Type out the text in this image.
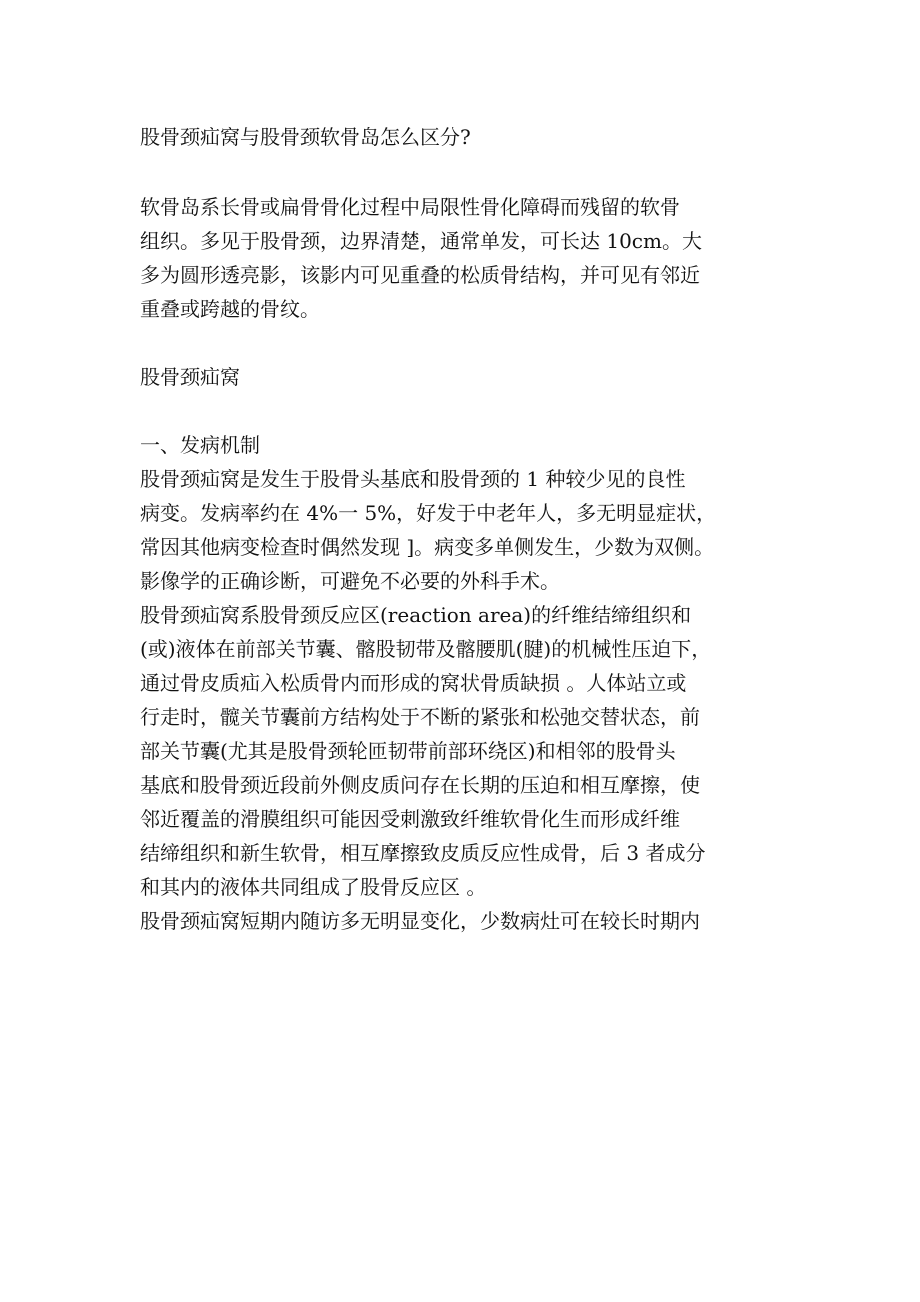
股骨颈疝窝与股骨颈软骨岛怎么区分?

软骨岛系长骨或扁骨骨化过程中局限性骨化障碍而残留的软骨
组织。多见于股骨颈，边界清楚，通常单发，可长达 10cm。大
多为圆形透亮影，该影内可见重叠的松质骨结构，并可见有邻近
重叠或跨越的骨纹。

股骨颈疝窝

一、发病机制

股骨颈疝窝是发生于股骨头基底和股骨颈的 1 种较少见的良性
病变。发病率约在 4%一 5%，好发于中老年人，多无明显症状，
常因其他病变检查时偶然发现 ]。病变多单侧发生，少数为双侧。
影像学的正确诊断，可避免不必要的外科手术。

股骨颈疝窝系股骨颈反应区(reaction area)的纤维结缔组织和
(或)液体在前部关节囊、髂股韧带及髂腰肌(腱)的机械性压迫下，
通过骨皮质疝入松质骨内而形成的窝状骨质缺损 。人体站立或
行走时，髋关节囊前方结构处于不断的紧张和松弛交替状态，前
部关节囊(尤其是股骨颈轮匝韧带前部环绕区)和相邻的股骨头
基底和股骨颈近段前外侧皮质问存在长期的压迫和相互摩擦，使
邻近覆盖的滑膜组织可能因受刺激致纤维软骨化生而形成纤维
结缔组织和新生软骨，相互摩擦致皮质反应性成骨，后 3 者成分
和其内的液体共同组成了股骨反应区 。

股骨颈疝窝短期内随访多无明显变化，少数病灶可在较长时期内
